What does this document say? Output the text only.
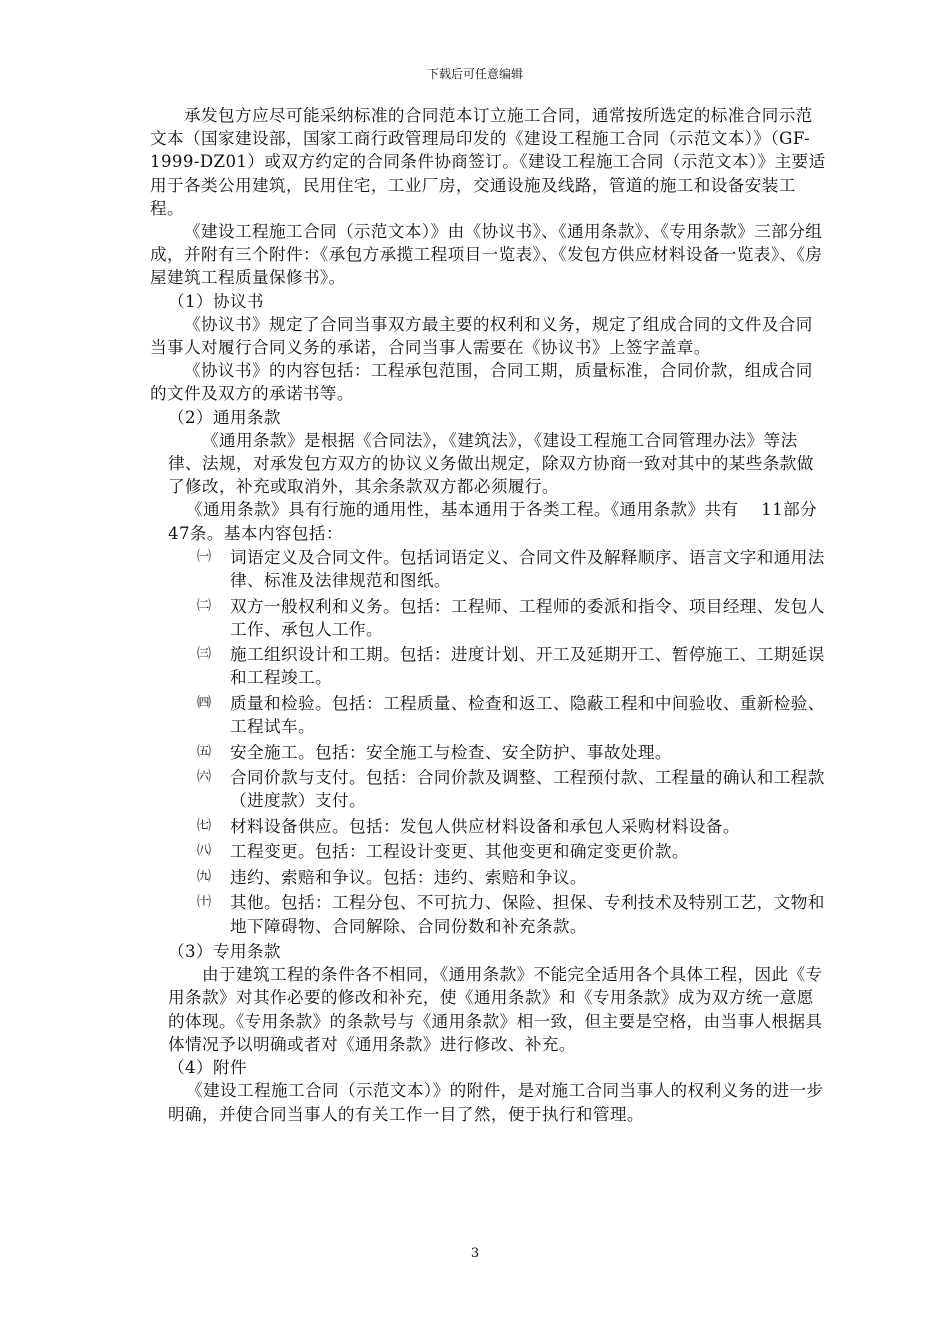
下载后可任意编辑

承发包方应尽可能采纳标准的合同范本订立施工合同，通常按所选定的标准合同示范文本（国家建设部，国家工商行政管理局印发的《建设工程施工合同（示范文本）》（GF-1999-DZ01）或双方约定的合同条件协商签订。《建设工程施工合同（示范文本）》主要适用于各类公用建筑，民用住宅，工业厂房，交通设施及线路，管道的施工和设备安装工程。

《建设工程施工合同（示范文本）》由《协议书》、《通用条款》、《专用条款》三部分组成，并附有三个附件：《承包方承揽工程项目一览表》、《发包方供应材料设备一览表》、《房屋建筑工程质量保修书》。

（1）协议书

《协议书》规定了合同当事双方最主要的权利和义务，规定了组成合同的文件及合同当事人对履行合同义务的承诺，合同当事人需要在《协议书》上签字盖章。

《协议书》的内容包括：工程承包范围，合同工期，质量标准，合同价款，组成合同的文件及双方的承诺书等。

（2）通用条款

《通用条款》是根据《合同法》，《建筑法》，《建设工程施工合同管理办法》等法律、法规，对承发包方双方的协议义务做出规定，除双方协商一致对其中的某些条款做了修改，补充或取消外，其余条款双方都必须履行。

《通用条款》具有行施的通用性，基本通用于各类工程。《通用条款》共有　 11部分47条。基本内容包括：

㈠ 词语定义及合同文件。包括词语定义、合同文件及解释顺序、语言文字和通用法律、标准及法律规范和图纸。
㈡ 双方一般权利和义务。包括：工程师、工程师的委派和指令、项目经理、发包人工作、承包人工作。
㈢ 施工组织设计和工期。包括：进度计划、开工及延期开工、暂停施工、工期延误和工程竣工。
㈣ 质量和检验。包括：工程质量、检查和返工、隐蔽工程和中间验收、重新检验、工程试车。
㈤ 安全施工。包括：安全施工与检查、安全防护、事故处理。
㈥ 合同价款与支付。包括：合同价款及调整、工程预付款、工程量的确认和工程款（进度款）支付。
㈦ 材料设备供应。包括：发包人供应材料设备和承包人采购材料设备。
㈧ 工程变更。包括：工程设计变更、其他变更和确定变更价款。
㈨ 违约、索赔和争议。包括：违约、索赔和争议。
㈩ 其他。包括：工程分包、不可抗力、保险、担保、专利技术及特别工艺，文物和地下障碍物、合同解除、合同份数和补充条款。

（3）专用条款

由于建筑工程的条件各不相同，《通用条款》不能完全适用各个具体工程，因此《专用条款》对其作必要的修改和补充，使《通用条款》和《专用条款》成为双方统一意愿的体现。《专用条款》的条款号与《通用条款》相一致，但主要是空格，由当事人根据具体情况予以明确或者对《通用条款》进行修改、补充。

（4）附件

《建设工程施工合同（示范文本）》的附件，是对施工合同当事人的权利义务的进一步明确，并使合同当事人的有关工作一目了然，便于执行和管理。

3
